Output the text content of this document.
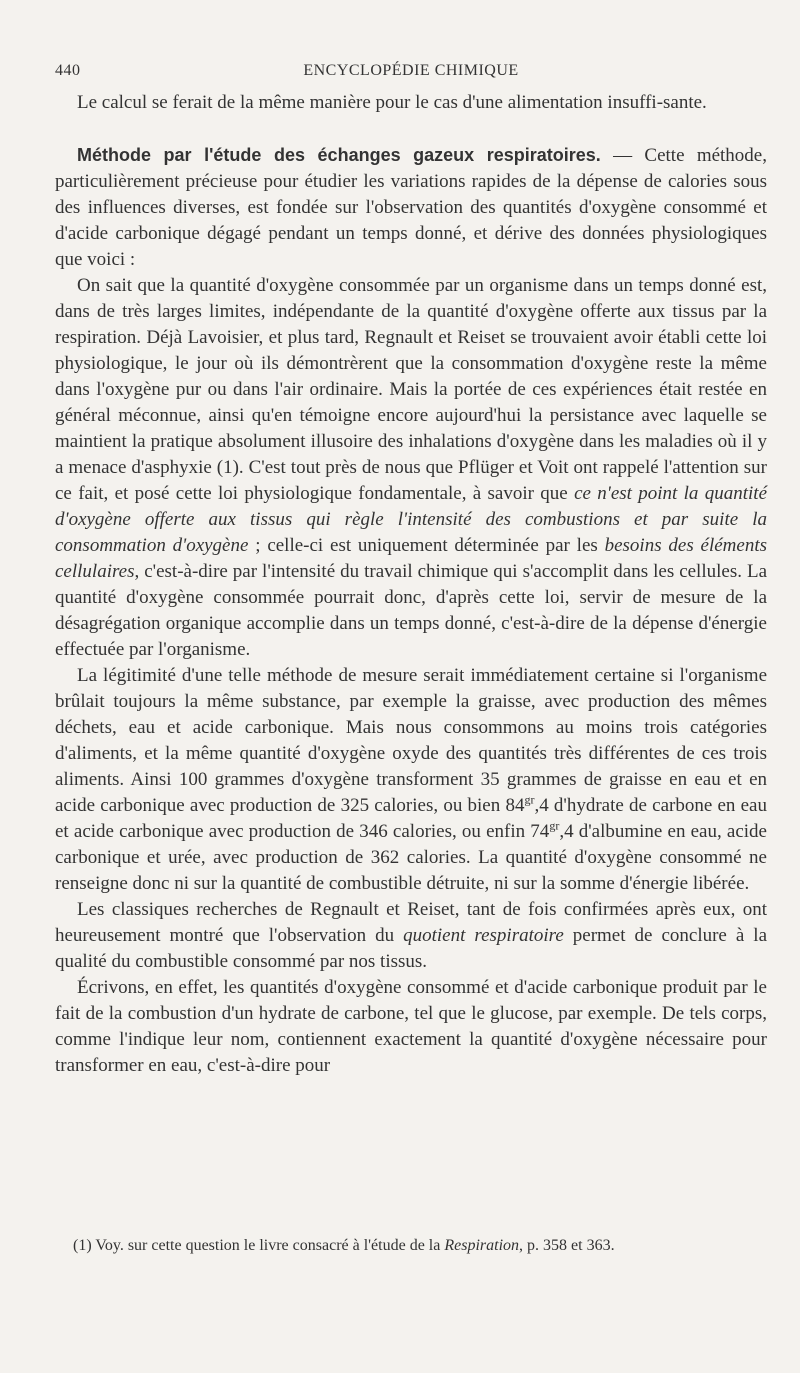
440	ENCYCLOPÉDIE CHIMIQUE

Le calcul se ferait de la même manière pour le cas d'une alimentation insuffi-sante.

Méthode par l'étude des échanges gazeux respiratoires. — Cette méthode, particulièrement précieuse pour étudier les variations rapides de la dépense de calories sous des influences diverses, est fondée sur l'observation des quantités d'oxygène consommé et d'acide carbonique dégagé pendant un temps donné, et dérive des données physiologiques que voici :

On sait que la quantité d'oxygène consommée par un organisme dans un temps donné est, dans de très larges limites, indépendante de la quantité d'oxygène offerte aux tissus par la respiration. Déjà Lavoisier, et plus tard, Regnault et Reiset se trouvaient avoir établi cette loi physiologique, le jour où ils démontrèrent que la consommation d'oxygène reste la même dans l'oxygène pur ou dans l'air ordinaire. Mais la portée de ces expériences était restée en général méconnue, ainsi qu'en témoigne encore aujourd'hui la persistance avec laquelle se maintient la pratique absolument illusoire des inhalations d'oxygène dans les maladies où il y a menace d'asphyxie (1). C'est tout près de nous que Pflüger et Voit ont rappelé l'attention sur ce fait, et posé cette loi physiologique fondamentale, à savoir que ce n'est point la quantité d'oxygène offerte aux tissus qui règle l'intensité des combustions et par suite la consommation d'oxygène ; celle-ci est uniquement déterminée par les besoins des éléments cellulaires, c'est-à-dire par l'intensité du travail chimique qui s'accomplit dans les cellules. La quantité d'oxygène consommée pourrait donc, d'après cette loi, servir de mesure de la désagrégation organique accomplie dans un temps donné, c'est-à-dire de la dépense d'énergie effectuée par l'organisme.

La légitimité d'une telle méthode de mesure serait immédiatement certaine si l'organisme brûlait toujours la même substance, par exemple la graisse, avec production des mêmes déchets, eau et acide carbonique. Mais nous consommons au moins trois catégories d'aliments, et la même quantité d'oxygène oxyde des quantités très différentes de ces trois aliments. Ainsi 100 grammes d'oxygène transforment 35 grammes de graisse en eau et en acide carbonique avec production de 325 calories, ou bien $84^{gr},4$ d'hydrate de carbone en eau et acide carbonique avec production de 346 calories, ou enfin $74^{gr},4$ d'albumine en eau, acide carbonique et urée, avec production de 362 calories. La quantité d'oxygène consommé ne renseigne donc ni sur la quantité de combustible détruite, ni sur la somme d'énergie libérée.

Les classiques recherches de Regnault et Reiset, tant de fois confirmées après eux, ont heureusement montré que l'observation du quotient respiratoire permet de conclure à la qualité du combustible consommé par nos tissus.

Écrivons, en effet, les quantités d'oxygène consommé et d'acide carbonique produit par le fait de la combustion d'un hydrate de carbone, tel que le glucose, par exemple. De tels corps, comme l'indique leur nom, contiennent exactement la quantité d'oxygène nécessaire pour transformer en eau, c'est-à-dire pour

(1) Voy. sur cette question le livre consacré à l'étude de la Respiration, p. 358 et 363.
